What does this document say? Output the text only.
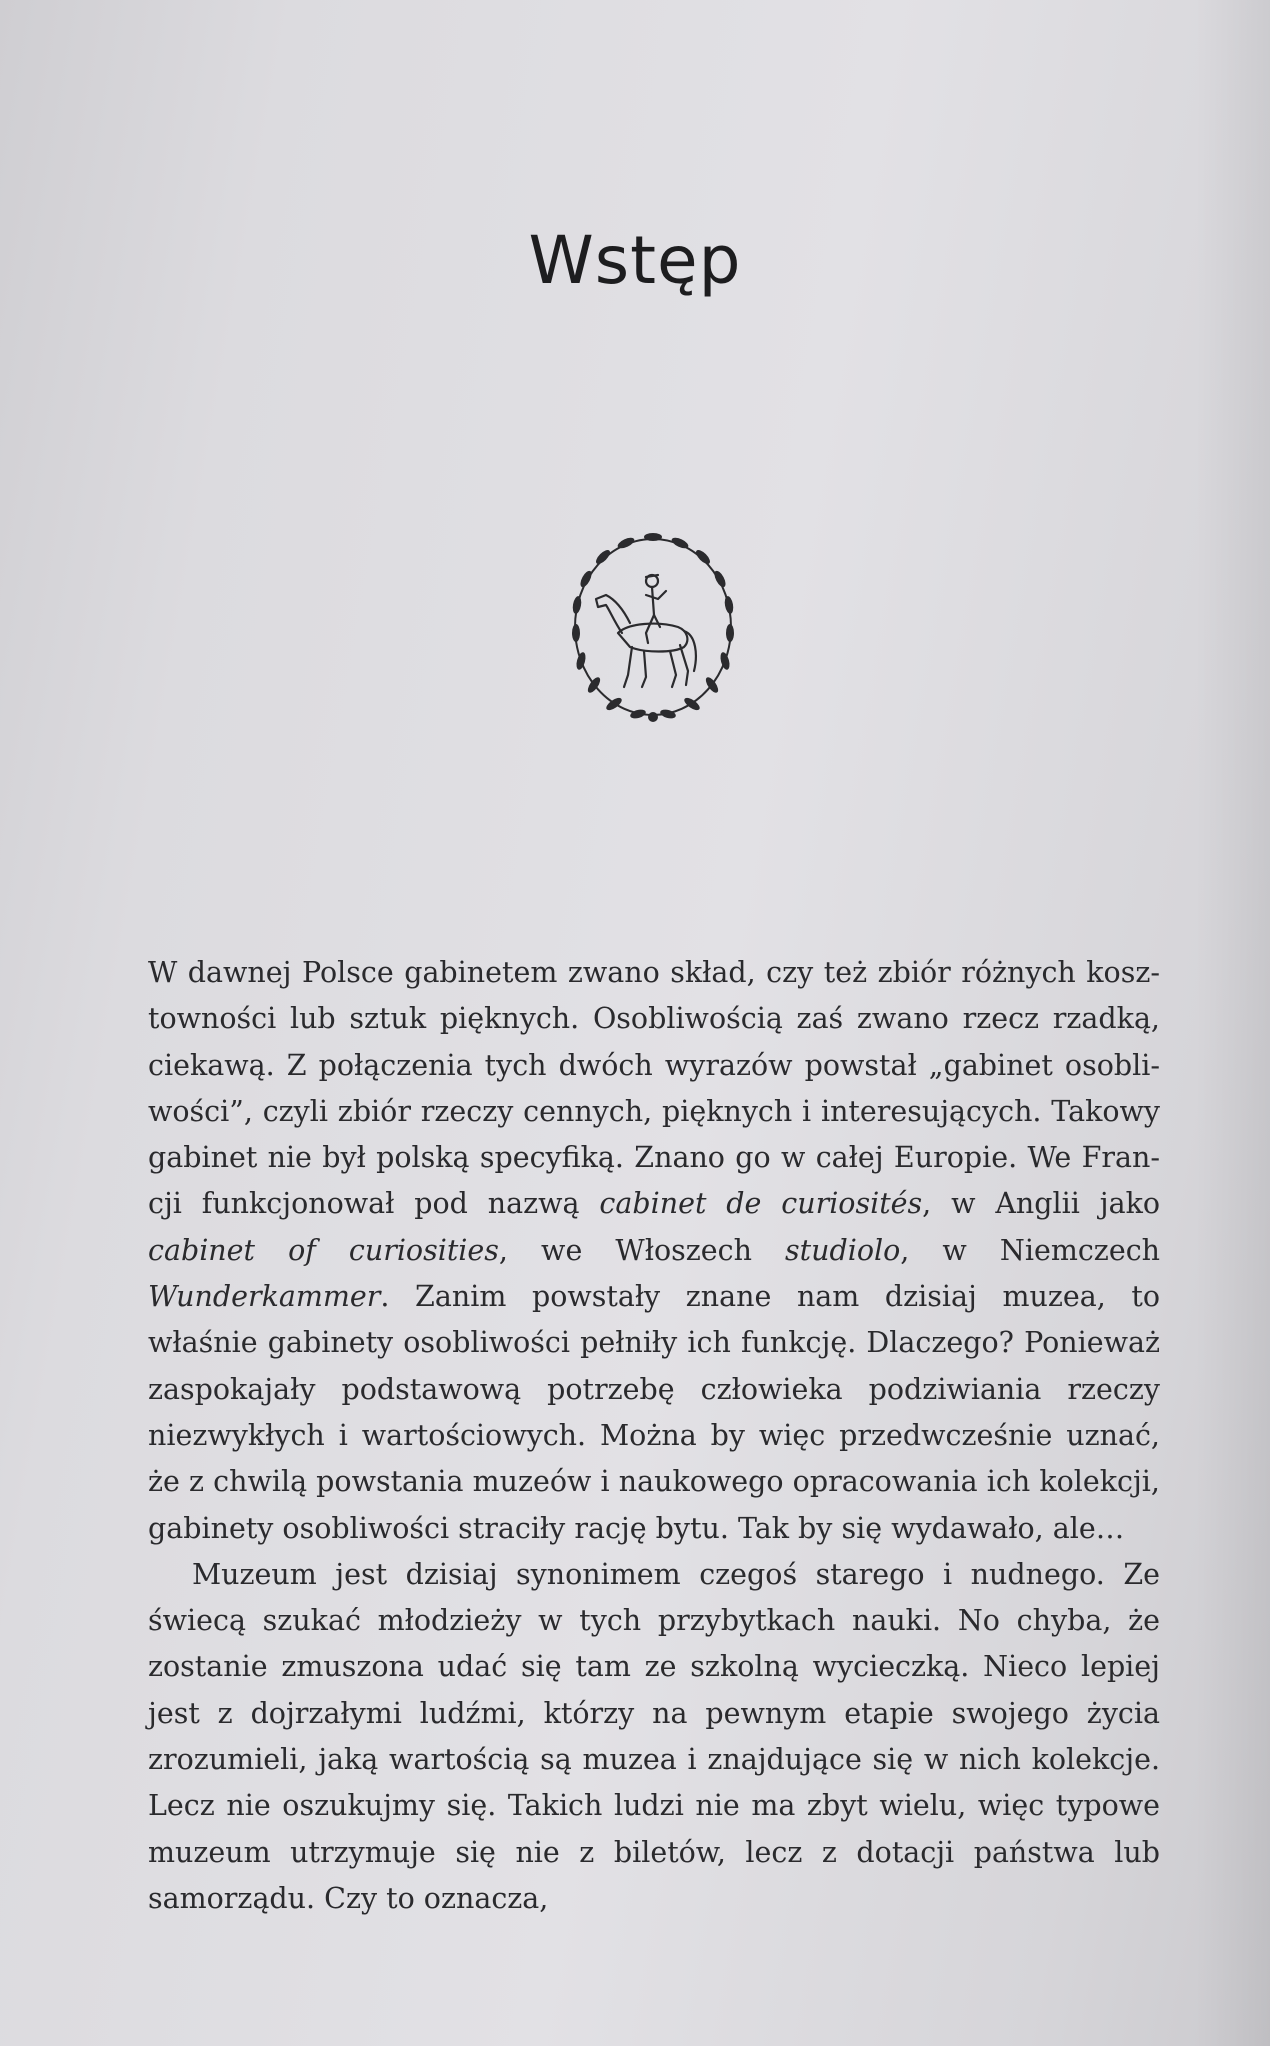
Wstęp

W dawnej Polsce gabinetem zwano skład, czy też zbiór różnych kosztowności lub sztuk pięknych. Osobliwością zaś zwano rzecz rzadką, ciekawą. Z połączenia tych dwóch wyrazów powstał „gabinet osobliwości”, czyli zbiór rzeczy cennych, pięknych i interesujących. Takowy gabinet nie był polską specyfiką. Znano go w całej Europie. We Francji funkcjonował pod nazwą cabinet de curiosités, w Anglii jako cabinet of curiosities, we Włoszech studiolo, w Niemczech Wunderkammer. Zanim powstały znane nam dzisiaj muzea, to właśnie gabinety osobliwości pełniły ich funkcję. Dlaczego? Ponieważ zaspokajały podstawową potrzebę człowieka podziwiania rzeczy niezwykłych i wartościowych. Można by więc przedwcześnie uznać, że z chwilą powstania muzeów i naukowego opracowania ich kolekcji, gabinety osobliwości straciły rację bytu. Tak by się wydawało, ale…

Muzeum jest dzisiaj synonimem czegoś starego i nudnego. Ze świecą szukać młodzieży w tych przybytkach nauki. No chyba, że zostanie zmuszona udać się tam ze szkolną wycieczką. Nieco lepiej jest z dojrzałymi ludźmi, którzy na pewnym etapie swojego życia zrozumieli, jaką wartością są muzea i znajdujące się w nich kolekcje. Lecz nie oszukujmy się. Takich ludzi nie ma zbyt wielu, więc typowe muzeum utrzymuje się nie z biletów, lecz z dotacji państwa lub samorządu. Czy to oznacza,
